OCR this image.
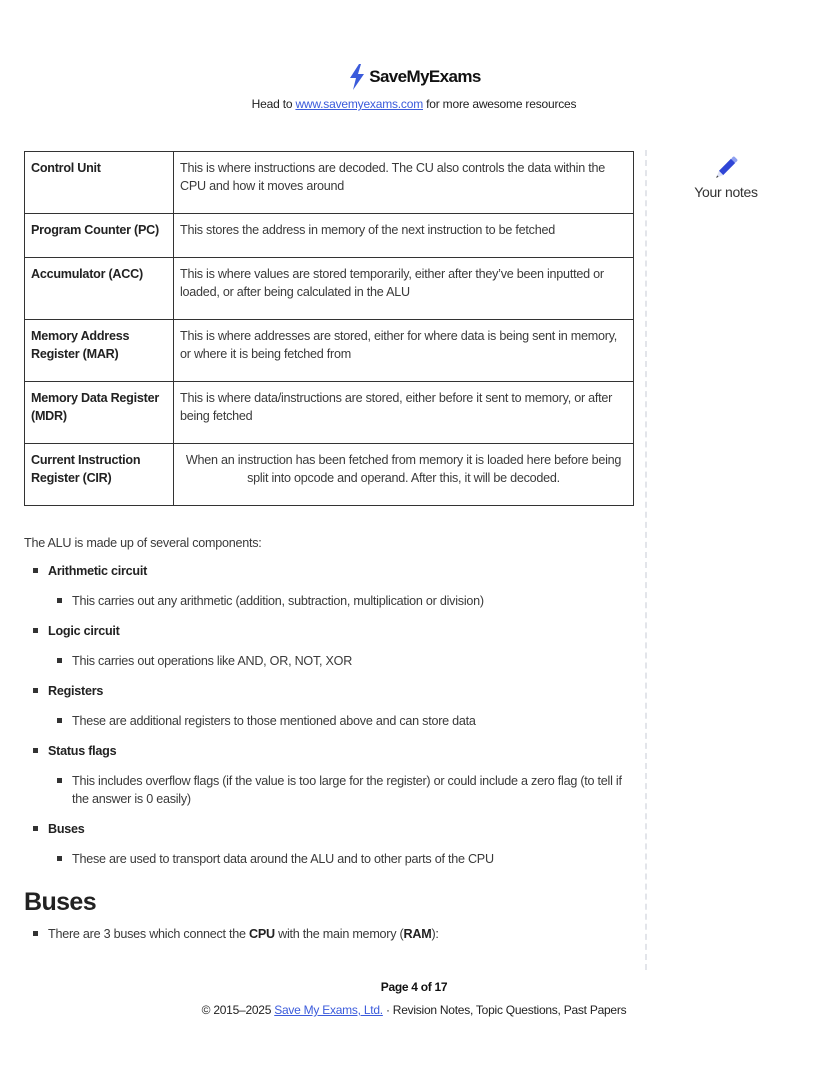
SaveMyExams
Head to www.savemyexams.com for more awesome resources
Your notes
Control Unit	This is where instructions are decoded. The CU also controls the data within the CPU and how it moves around
Program Counter (PC)	This stores the address in memory of the next instruction to be fetched
Accumulator (ACC)	This is where values are stored temporarily, either after they’ve been inputted or loaded, or after being calculated in the ALU
Memory Address Register (MAR)	This is where addresses are stored, either for where data is being sent in memory, or where it is being fetched from
Memory Data Register (MDR)	This is where data/instructions are stored, either before it sent to memory, or after being fetched
Current Instruction Register (CIR)	When an instruction has been fetched from memory it is loaded here before being split into opcode and operand. After this, it will be decoded.

The ALU is made up of several components:

Arithmetic circuit
This carries out any arithmetic (addition, subtraction, multiplication or division)
Logic circuit
This carries out operations like AND, OR, NOT, XOR
Registers
These are additional registers to those mentioned above and can store data
Status flags
This includes overflow flags (if the value is too large for the register) or could include a zero flag (to tell if the answer is 0 easily)
Buses
These are used to transport data around the ALU and to other parts of the CPU
Buses
There are 3 buses which connect the CPU with the main memory (RAM):
Page 4 of 17
© 2015–2025 Save My Exams, Ltd. · Revision Notes, Topic Questions, Past Papers
